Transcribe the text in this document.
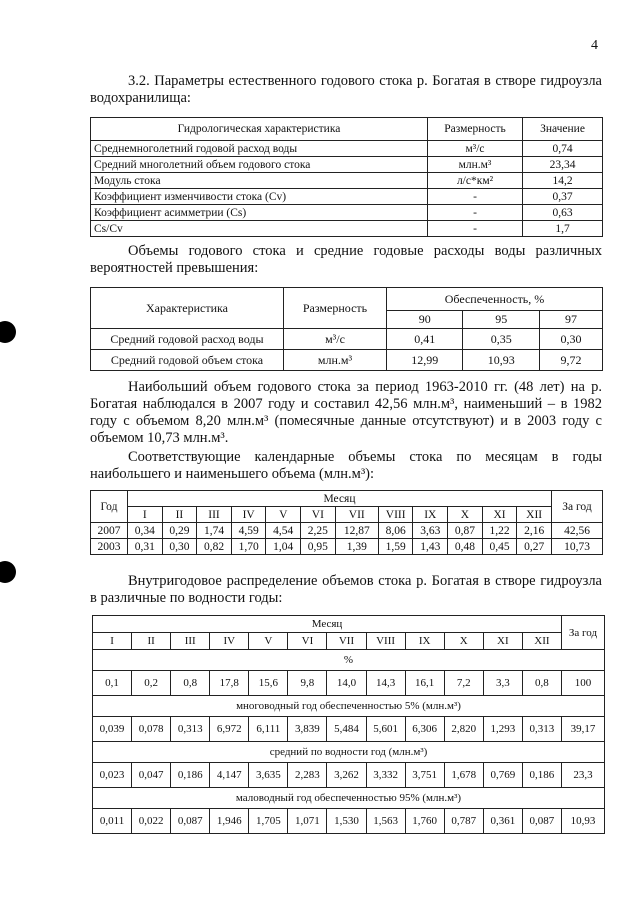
4
3.2. Параметры естественного годового стока р. Богатая в створе гидроузла водохранилища:
Гидрологическая характеристика	Размерность	Значение
Среднемноголетний годовой расход воды	м³/с	0,74
Средний многолетний объем годового стока	млн.м³	23,34
Модуль стока	л/с*км²	14,2
Коэффициент изменчивости стока (Cv)	-	0,37
Коэффициент асимметрии (Cs)	-	0,63
Cs/Cv	-	1,7
Объемы годового стока и средние годовые расходы воды различных вероятностей превышения:
Характеристика	Размерность	Обеспеченность, %		
		90	95	97
Средний годовой расход воды	м³/с	0,41	0,35	0,30
Средний годовой объем стока	млн.м³	12,99	10,93	9,72
Наибольший объем годового стока за период 1963-2010 гг. (48 лет) на р. Богатая наблюдался в 2007 году и составил 42,56 млн.м³, наименьший – в 1982 году с объемом 8,20 млн.м³ (помесячные данные отсутствуют) и в 2003 году с объемом 10,73 млн.м³.
Соответствующие календарные объемы стока по месяцам в годы наибольшего и наименьшего объема (млн.м³):
Год	Месяц												За год
	I	II	III	IV	V	VI	VII	VIII	IX	X	XI	XII	
2007	0,34	0,29	1,74	4,59	4,54	2,25	12,87	8,06	3,63	0,87	1,22	2,16	42,56
2003	0,31	0,30	0,82	1,70	1,04	0,95	1,39	1,59	1,43	0,48	0,45	0,27	10,73
Внутригодовое распределение объемов стока р. Богатая в створе гидроузла в различные по водности годы:
Месяц												За год
I	II	III	IV	V	VI	VII	VIII	IX	X	XI	XII	
%												
0,1	0,2	0,8	17,8	15,6	9,8	14,0	14,3	16,1	7,2	3,3	0,8	100
многоводный год обеспеченностью 5% (млн.м³)												
0,039	0,078	0,313	6,972	6,111	3,839	5,484	5,601	6,306	2,820	1,293	0,313	39,17
средний по водности год (млн.м³)												
0,023	0,047	0,186	4,147	3,635	2,283	3,262	3,332	3,751	1,678	0,769	0,186	23,3
маловодный год обеспеченностью 95% (млн.м³)												
0,011	0,022	0,087	1,946	1,705	1,071	1,530	1,563	1,760	0,787	0,361	0,087	10,93
